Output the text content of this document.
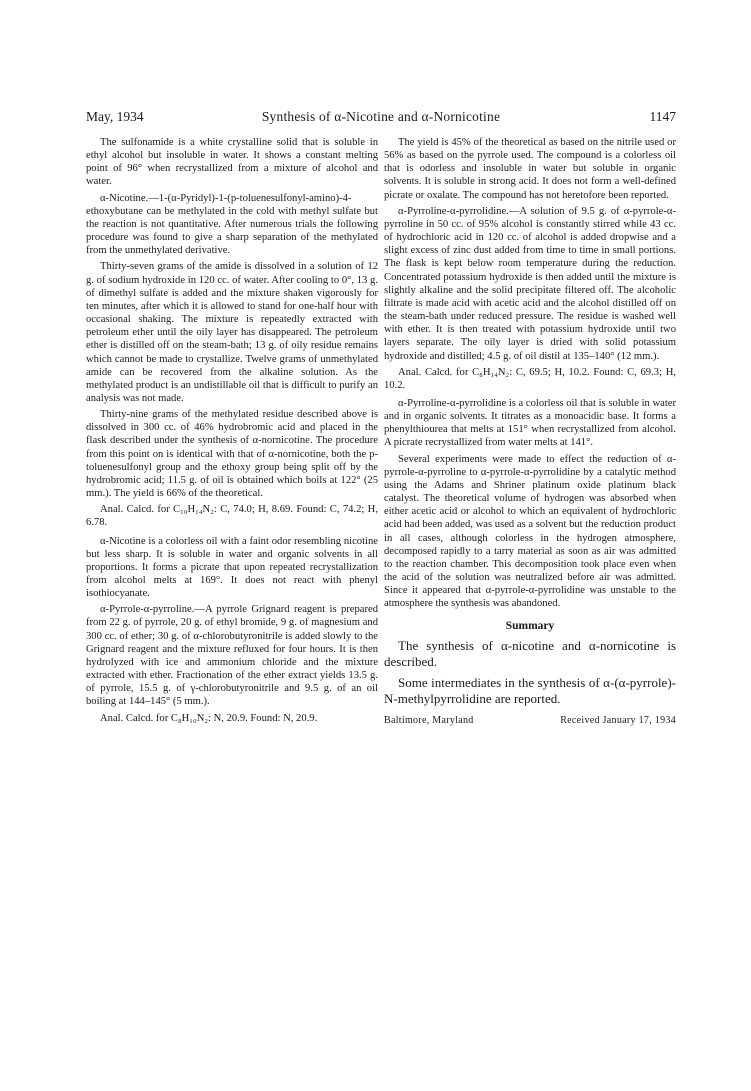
May, 1934	Synthesis of α-Nicotine and α-Nornicotine	1147

The sulfonamide is a white crystalline solid that is soluble in ethyl alcohol but insoluble in water. It shows a constant melting point of 96° when recrystallized from a mixture of alcohol and water.

α-Nicotine.—1-(α-Pyridyl)-1-(p-toluenesulfonyl-amino)-4-ethoxybutane can be methylated in the cold with methyl sulfate but the reaction is not quantitative. After numerous trials the following procedure was found to give a sharp separation of the methylated from the unmethylated derivative.

Thirty-seven grams of the amide is dissolved in a solution of 12 g. of sodium hydroxide in 120 cc. of water. After cooling to 0°, 13 g. of dimethyl sulfate is added and the mixture shaken vigorously for ten minutes, after which it is allowed to stand for one-half hour with occasional shaking. The mixture is repeatedly extracted with petroleum ether until the oily layer has disappeared. The petroleum ether is distilled off on the steam-bath; 13 g. of oily residue remains which cannot be made to crystallize. Twelve grams of unmethylated amide can be recovered from the alkaline solution. As the methylated product is an undistillable oil that is difficult to purify an analysis was not made.

Thirty-nine grams of the methylated residue described above is dissolved in 300 cc. of 46% hydrobromic acid and placed in the flask described under the synthesis of α-nornicotine. The procedure from this point on is identical with that of α-nornicotine, both the p-toluenesulfonyl group and the ethoxy group being split off by the hydrobromic acid; 11.5 g. of oil is obtained which boils at 122° (25 mm.). The yield is 66% of the theoretical.

Anal. Calcd. for C₁₀H₁₄N₂: C, 74.0; H, 8.69. Found: C, 74.2; H, 6.78.

α-Nicotine is a colorless oil with a faint odor resembling nicotine but less sharp. It is soluble in water and organic solvents in all proportions. It forms a picrate that upon repeated recrystallization from alcohol melts at 169°. It does not react with phenyl isothiocyanate.

α-Pyrrole-α-pyrroline.—A pyrrole Grignard reagent is prepared from 22 g. of pyrrole, 20 g. of ethyl bromide, 9 g. of magnesium and 300 cc. of ether; 30 g. of α-chlorobutyronitrile is added slowly to the Grignard reagent and the mixture refluxed for four hours. It is then hydrolyzed with ice and ammonium chloride and the mixture extracted with ether. Fractionation of the ether extract yields 13.5 g. of pyrrole, 15.5 g. of γ-chlorobutyronitrile and 9.5 g. of an oil boiling at 144–145° (5 mm.).

Anal. Calcd. for C₈H₁₀N₂: N, 20.9. Found: N, 20.9.

The yield is 45% of the theoretical as based on the nitrile used or 56% as based on the pyrrole used. The compound is a colorless oil that is odorless and insoluble in water but soluble in organic solvents. It is soluble in strong acid. It does not form a well-defined picrate or oxalate. The compound has not heretofore been reported.

α-Pyrroline-α-pyrrolidine.—A solution of 9.5 g. of α-pyrrole-α-pyrroline in 50 cc. of 95% alcohol is constantly stirred while 43 cc. of hydrochloric acid in 120 cc. of alcohol is added dropwise and a slight excess of zinc dust added from time to time in small portions. The flask is kept below room temperature during the reduction. Concentrated potassium hydroxide is then added until the mixture is slightly alkaline and the solid precipitate filtered off. The alcoholic filtrate is made acid with acetic acid and the alcohol distilled off on the steam-bath under reduced pressure. The residue is washed well with ether. It is then treated with potassium hydroxide until two layers separate. The oily layer is dried with solid potassium hydroxide and distilled; 4.5 g. of oil distil at 135–140° (12 mm.).

Anal. Calcd. for C₈H₁₄N₂: C, 69.5; H, 10.2. Found: C, 69.3; H, 10.2.

α-Pyrroline-α-pyrrolidine is a colorless oil that is soluble in water and in organic solvents. It titrates as a monoacidic base. It forms a phenylthiourea that melts at 151° when recrystallized from alcohol. A picrate recrystallized from water melts at 141°.

Several experiments were made to effect the reduction of α-pyrrole-α-pyrroline to α-pyrrole-α-pyrrolidine by a catalytic method using the Adams and Shriner platinum oxide platinum black catalyst. The theoretical volume of hydrogen was absorbed when either acetic acid or alcohol to which an equivalent of hydrochloric acid had been added, was used as a solvent but the reduction product in all cases, although colorless in the hydrogen atmosphere, decomposed rapidly to a tarry material as soon as air was admitted to the reaction chamber. This decomposition took place even when the acid of the solution was neutralized before air was admitted. Since it appeared that α-pyrrole-α-pyrrolidine was unstable to the atmosphere the synthesis was abandoned.

Summary

The synthesis of α-nicotine and α-nornicotine is described.

Some intermediates in the synthesis of α-(α-pyrrole)-N-methylpyrrolidine are reported.

Baltimore, Maryland	Received January 17, 1934
